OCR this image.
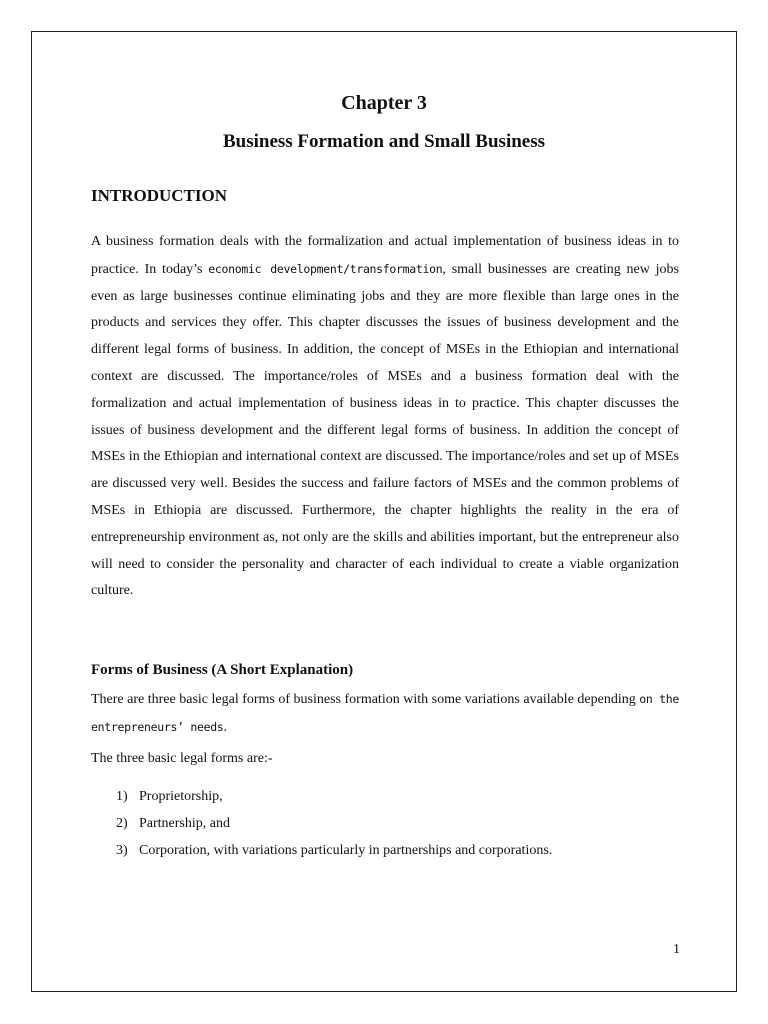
Chapter 3
Business Formation and Small Business
INTRODUCTION

A business formation deals with the formalization and actual implementation of business ideas in to practice. In today’s economic development/transformation, small businesses are creating new jobs even as large businesses continue eliminating jobs and they are more flexible than large ones in the products and services they offer. This chapter discusses the issues of business development and the different legal forms of business. In addition, the concept of MSEs in the Ethiopian and international context are discussed. The importance/roles of MSEs and a business formation deal with the formalization and actual implementation of business ideas in to practice. This chapter discusses the issues of business development and the different legal forms of business. In addition the concept of MSEs in the Ethiopian and international context are discussed. The importance/roles and set up of MSEs are discussed very well. Besides the success and failure factors of MSEs and the common problems of MSEs in Ethiopia are discussed. Furthermore, the chapter highlights the reality in the era of entrepreneurship environment as, not only are the skills and abilities important, but the entrepreneur also will need to consider the personality and character of each individual to create a viable organization culture.

Forms of Business (A Short Explanation)

There are three basic legal forms of business formation with some variations available depending on the entrepreneurs’ needs.

The three basic legal forms are:-
1) Proprietorship,
2) Partnership, and
3) Corporation, with variations particularly in partnerships and corporations.
1
